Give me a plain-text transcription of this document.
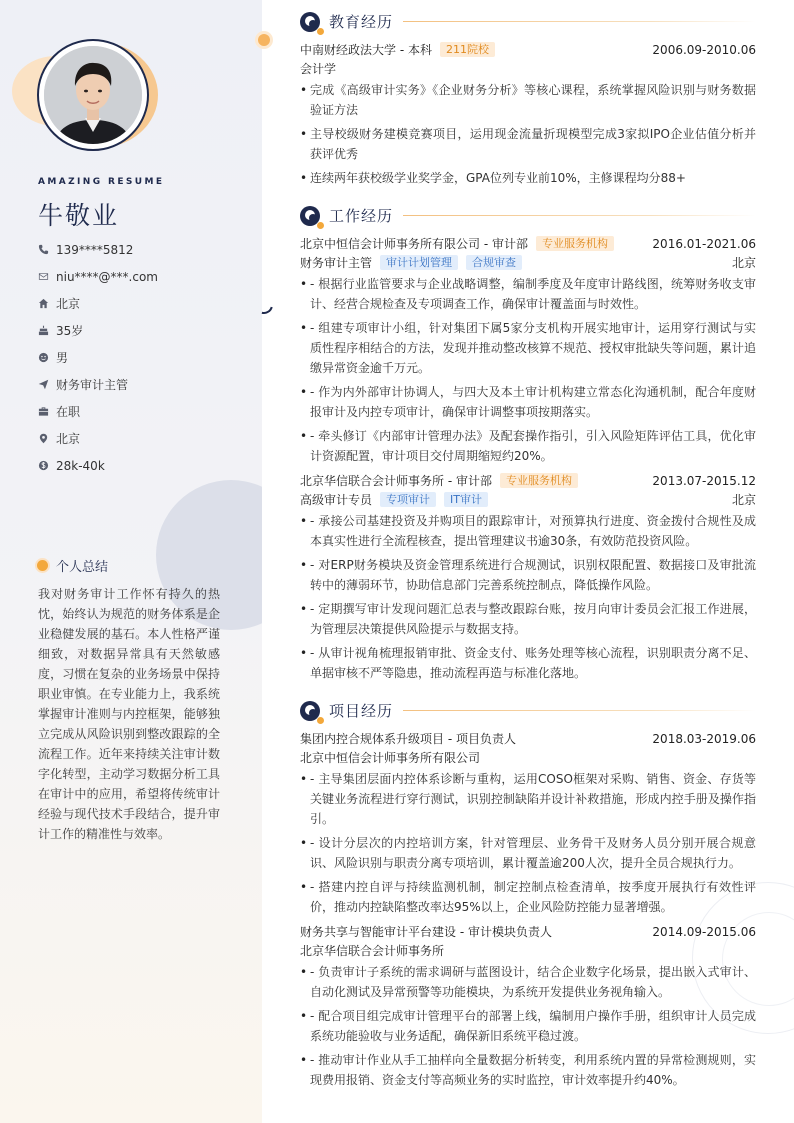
AMAZING RESUME
牛敬业
139****5812
niu****@***.com
北京
35岁
男
财务审计主管
在职
北京
28k-40k
个人总结

我对财务审计工作怀有持久的热忱，始终认为规范的财务体系是企业稳健发展的基石。本人性格严谨细致，对数据异常具有天然敏感度，习惯在复杂的业务场景中保持职业审慎。在专业能力上，我系统掌握审计准则与内控框架，能够独立完成从风险识别到整改跟踪的全流程工作。近年来持续关注审计数字化转型，主动学习数据分析工具在审计中的应用，希望将传统审计经验与现代技术手段结合，提升审计工作的精准性与效率。

教育经历
中南财经政法大学 - 本科	211院校	2006.09-2010.06
会计学
• 完成《高级审计实务》《企业财务分析》等核心课程，系统掌握风险识别与财务数据验证方法
• 主导校级财务建模竞赛项目，运用现金流量折现模型完成3家拟IPO企业估值分析并获评优秀
• 连续两年获校级学业奖学金，GPA位列专业前10%，主修课程均分88+
工作经历
北京中恒信会计师事务所有限公司 - 审计部	专业服务机构	2016.01-2021.06
财务审计主管	审计计划管理	合规审查	北京
• - 根据行业监管要求与企业战略调整，编制季度及年度审计路线图，统筹财务收支审计、经营合规检查及专项调查工作，确保审计覆盖面与时效性。
• - 组建专项审计小组，针对集团下属5家分支机构开展实地审计，运用穿行测试与实质性程序相结合的方法，发现并推动整改核算不规范、授权审批缺失等问题，累计追缴异常资金逾千万元。
• - 作为内外部审计协调人，与四大及本土审计机构建立常态化沟通机制，配合年度财报审计及内控专项审计，确保审计调整事项按期落实。
• - 牵头修订《内部审计管理办法》及配套操作指引，引入风险矩阵评估工具，优化审计资源配置，审计项目交付周期缩短约20%。
北京华信联合会计师事务所 - 审计部	专业服务机构	2013.07-2015.12
高级审计专员	专项审计	IT审计	北京
• - 承接公司基建投资及并购项目的跟踪审计，对预算执行进度、资金拨付合规性及成本真实性进行全流程核查，提出管理建议书逾30条，有效防范投资风险。
• - 对ERP财务模块及资金管理系统进行合规测试，识别权限配置、数据接口及审批流转中的薄弱环节，协助信息部门完善系统控制点，降低操作风险。
• - 定期撰写审计发现问题汇总表与整改跟踪台账，按月向审计委员会汇报工作进展，为管理层决策提供风险提示与数据支持。
• - 从审计视角梳理报销审批、资金支付、账务处理等核心流程，识别职责分离不足、单据审核不严等隐患，推动流程再造与标准化落地。
项目经历
集团内控合规体系升级项目 - 项目负责人	2018.03-2019.06
北京中恒信会计师事务所有限公司
• - 主导集团层面内控体系诊断与重构，运用COSO框架对采购、销售、资金、存货等关键业务流程进行穿行测试，识别控制缺陷并设计补救措施，形成内控手册及操作指引。
• - 设计分层次的内控培训方案，针对管理层、业务骨干及财务人员分别开展合规意识、风险识别与职责分离专项培训，累计覆盖逾200人次，提升全员合规执行力。
• - 搭建内控自评与持续监测机制，制定控制点检查清单，按季度开展执行有效性评价，推动内控缺陷整改率达95%以上，企业风险防控能力显著增强。
财务共享与智能审计平台建设 - 审计模块负责人	2014.09-2015.06
北京华信联合会计师事务所
• - 负责审计子系统的需求调研与蓝图设计，结合企业数字化场景，提出嵌入式审计、自动化测试及异常预警等功能模块，为系统开发提供业务视角输入。
• - 配合项目组完成审计管理平台的部署上线，编制用户操作手册，组织审计人员完成系统功能验收与业务适配，确保新旧系统平稳过渡。
• - 推动审计作业从手工抽样向全量数据分析转变，利用系统内置的异常检测规则，实现费用报销、资金支付等高频业务的实时监控，审计效率提升约40%。
